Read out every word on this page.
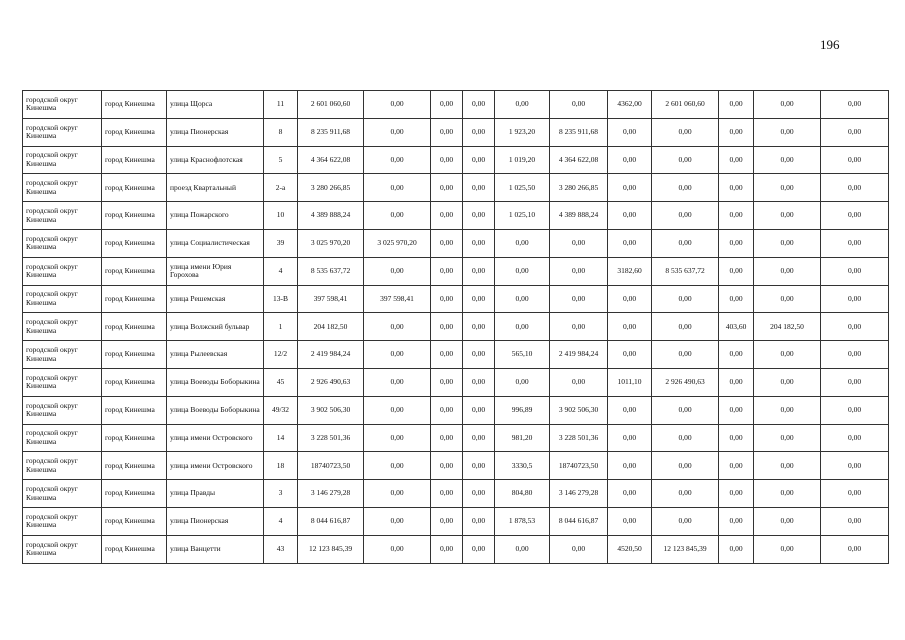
196
городской округ Кинешма	город Кинешма	улица Щорса	11	2 601 060,60	0,00	0,00	0,00	0,00	0,00	4362,00	2 601 060,60	0,00	0,00	0,00
городской округ Кинешма	город Кинешма	улица Пионерская	8	8 235 911,68	0,00	0,00	0,00	1 923,20	8 235 911,68	0,00	0,00	0,00	0,00	0,00
городской округ Кинешма	город Кинешма	улица Краснофлотская	5	4 364 622,08	0,00	0,00	0,00	1 019,20	4 364 622,08	0,00	0,00	0,00	0,00	0,00
городской округ Кинешма	город Кинешма	проезд Квартальный	2-а	3 280 266,85	0,00	0,00	0,00	1 025,50	3 280 266,85	0,00	0,00	0,00	0,00	0,00
городской округ Кинешма	город Кинешма	улица Пожарского	10	4 389 888,24	0,00	0,00	0,00	1 025,10	4 389 888,24	0,00	0,00	0,00	0,00	0,00
городской округ Кинешма	город Кинешма	улица Социалистическая	39	3 025 970,20	3 025 970,20	0,00	0,00	0,00	0,00	0,00	0,00	0,00	0,00	0,00
городской округ Кинешма	город Кинешма	улица имени Юрия Горохова	4	8 535 637,72	0,00	0,00	0,00	0,00	0,00	3182,60	8 535 637,72	0,00	0,00	0,00
городской округ Кинешма	город Кинешма	улица Решемская	13-В	397 598,41	397 598,41	0,00	0,00	0,00	0,00	0,00	0,00	0,00	0,00	0,00
городской округ Кинешма	город Кинешма	улица Волжский бульвар	1	204 182,50	0,00	0,00	0,00	0,00	0,00	0,00	0,00	403,60	204 182,50	0,00
городской округ Кинешма	город Кинешма	улица Рылеевская	12/2	2 419 984,24	0,00	0,00	0,00	565,10	2 419 984,24	0,00	0,00	0,00	0,00	0,00
городской округ Кинешма	город Кинешма	улица Воеводы Боборыкина	45	2 926 490,63	0,00	0,00	0,00	0,00	0,00	1011,10	2 926 490,63	0,00	0,00	0,00
городской округ Кинешма	город Кинешма	улица Воеводы Боборыкина	49/32	3 902 506,30	0,00	0,00	0,00	996,89	3 902 506,30	0,00	0,00	0,00	0,00	0,00
городской округ Кинешма	город Кинешма	улица имени Островского	14	3 228 501,36	0,00	0,00	0,00	981,20	3 228 501,36	0,00	0,00	0,00	0,00	0,00
городской округ Кинешма	город Кинешма	улица имени Островского	18	18740723,50	0,00	0,00	0,00	3330,5	18740723,50	0,00	0,00	0,00	0,00	0,00
городской округ Кинешма	город Кинешма	улица Правды	3	3 146 279,28	0,00	0,00	0,00	804,80	3 146 279,28	0,00	0,00	0,00	0,00	0,00
городской округ Кинешма	город Кинешма	улица Пионерская	4	8 044 616,87	0,00	0,00	0,00	1 878,53	8 044 616,87	0,00	0,00	0,00	0,00	0,00
городской округ Кинешма	город Кинешма	улица Ванцетти	43	12 123 845,39	0,00	0,00	0,00	0,00	0,00	4520,50	12 123 845,39	0,00	0,00	0,00
